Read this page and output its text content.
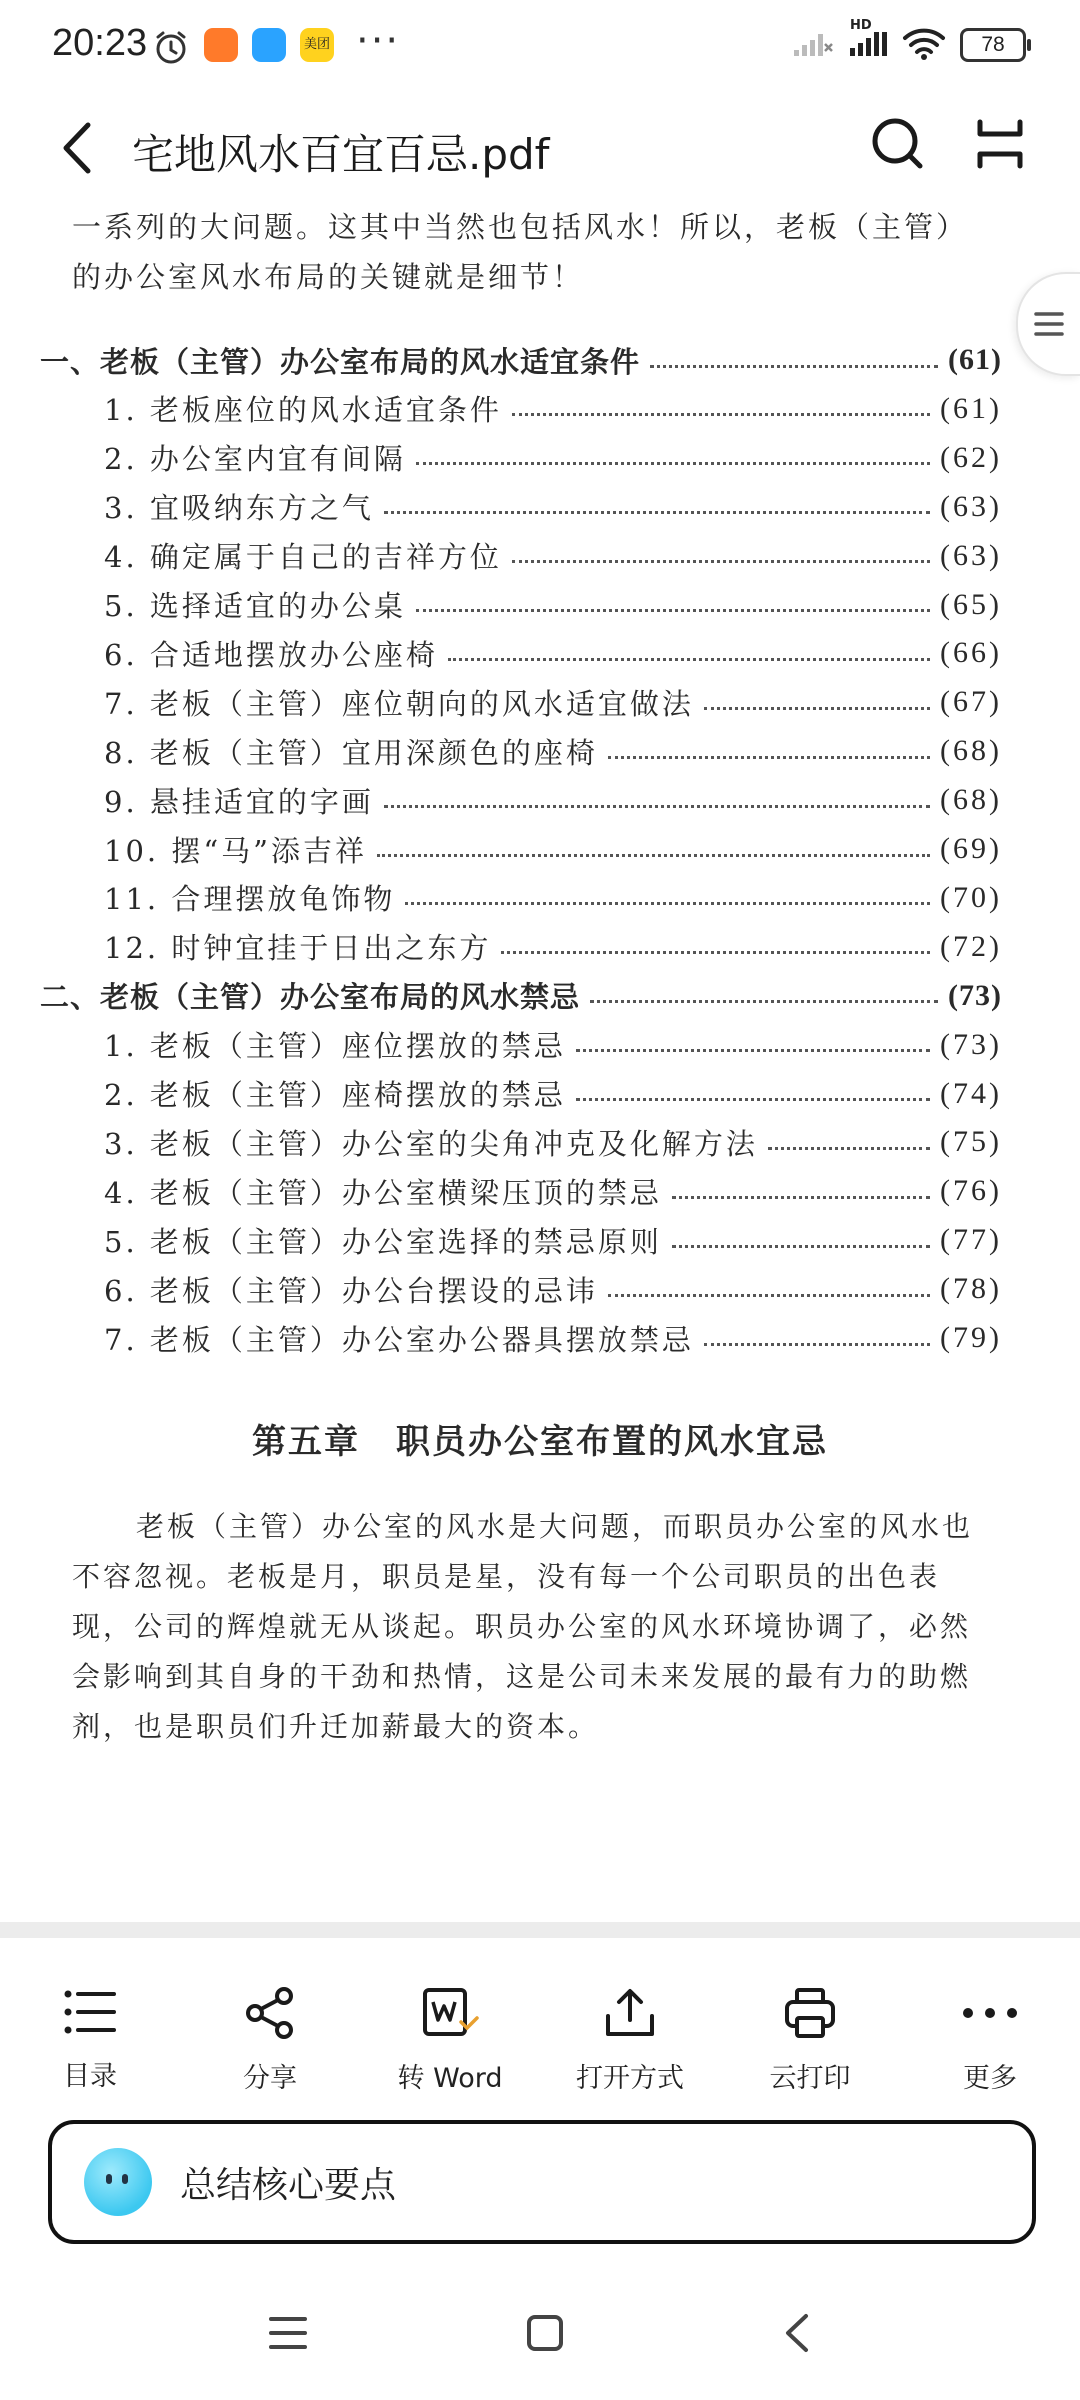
20:23	美团 ···	HD
78
宅地风水百宜百忌.pdf
一系列的大问题。这其中当然也包括风水！所以，老板（主管）的办公室风水布局的关键就是细节！
一、老板（主管）办公室布局的风水适宜条件	(61)
1. 老板座位的风水适宜条件	(61)
2. 办公室内宜有间隔	(62)
3. 宜吸纳东方之气	(63)
4. 确定属于自己的吉祥方位	(63)
5. 选择适宜的办公桌	(65)
6. 合适地摆放办公座椅	(66)
7. 老板（主管）座位朝向的风水适宜做法	(67)
8. 老板（主管）宜用深颜色的座椅	(68)
9. 悬挂适宜的字画	(68)
10. 摆“马”添吉祥	(69)
11. 合理摆放龟饰物	(70)
12. 时钟宜挂于日出之东方	(72)
二、老板（主管）办公室布局的风水禁忌	(73)
1. 老板（主管）座位摆放的禁忌	(73)
2. 老板（主管）座椅摆放的禁忌	(74)
3. 老板（主管）办公室的尖角冲克及化解方法	(75)
4. 老板（主管）办公室横梁压顶的禁忌	(76)
5. 老板（主管）办公室选择的禁忌原则	(77)
6. 老板（主管）办公台摆设的忌讳	(78)
7. 老板（主管）办公室办公器具摆放禁忌	(79)
第五章　职员办公室布置的风水宜忌
老板（主管）办公室的风水是大问题，而职员办公室的风水也不容忽视。老板是月，职员是星，没有每一个公司职员的出色表现，公司的辉煌就无从谈起。职员办公室的风水环境协调了，必然会影响到其自身的干劲和热情，这是公司未来发展的最有力的助燃剂，也是职员们升迁加薪最大的资本。
目录	分享	转 Word	打开方式	云打印	更多
总结核心要点
